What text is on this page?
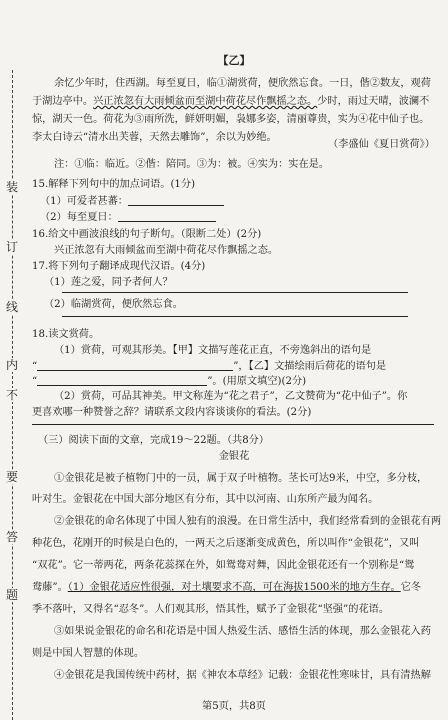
装
订
线
内
不
要
答
题
【乙】
余忆少年时，住西湖。每至夏日，临①湖赏荷，便欣然忘食。一日，偕②数友，观荷
于湖边亭中。兴正浓忽有大雨倾盆而至湖中荷花尽作飘摇之态。少时，雨过天晴，波澜不
惊，湖天一色。荷花为③雨所洗，鲜妍明媚，袅娜多姿，清丽尊贵，实为④花中仙子也。
李太白诗云“清水出芙蓉，天然去雕饰”，余以为妙绝。
（李盛仙《夏日赏荷》）
注：①临：临近。②偕：陪同。③为：被。④实为：实在是。
15.解释下列句中的加点词语。(1分)
（1）可爱者甚蕃：
（2）每至夏日：
16.给文中画波浪线的句子断句。（限断二处）(2分)
兴正浓忽有大雨倾盆而至湖中荷花尽作飘摇之态。
17.将下列句子翻译成现代汉语。(4分)
（1）莲之爱，同予者何人？
（2）临湖赏荷，便欣然忘食。
18.读文赏荷。
（1）赏荷，可观其形美。【甲】文描写莲花正直，不旁逸斜出的语句是
“	”，【乙】文描绘雨后荷花的语句是
“	”。(用原文填空)(2分)
（2）赏荷，可品其神美。甲文称莲为“花之君子”，乙文赞荷为“花中仙子”。你
更喜欢哪一种赞誉之辞？请联系文段内容谈谈你的看法。(2分)
（三）阅读下面的文章，完成19～22题。（共8分）
金银花
①金银花是被子植物门中的一员，属于双子叶植物。茎长可达9米，中空，多分枝，
叶对生。金银花在中国大部分地区有分布，其中以河南、山东所产最为闻名。
②金银花的命名体现了中国人独有的浪漫。在日常生活中，我们经常看到的金银花有两
种花色，花刚开的时候是白色的，一两天之后逐渐变成黄色，所以叫作“金银花”，又叫
“双花”。它一蒂两花，两条花蕊探在外，如鸳鸯对舞，因此金银花还有一个别称是“鸳
鸯藤”。（1）金银花适应性很强，对土壤要求不高，可在海拔1500米的地方生存。它冬
季不落叶，又得名“忍冬”。人们观其形，悟其性，赋予了金银花“坚强”的花语。
③如果说金银花的命名和花语是中国人热爱生活、感悟生活的体现，那么金银花入药
则是中国人智慧的体现。
④金银花是我国传统中药材，据《神农本草经》记载：金银花性寒味甘，具有清热解
第5页，共8页
